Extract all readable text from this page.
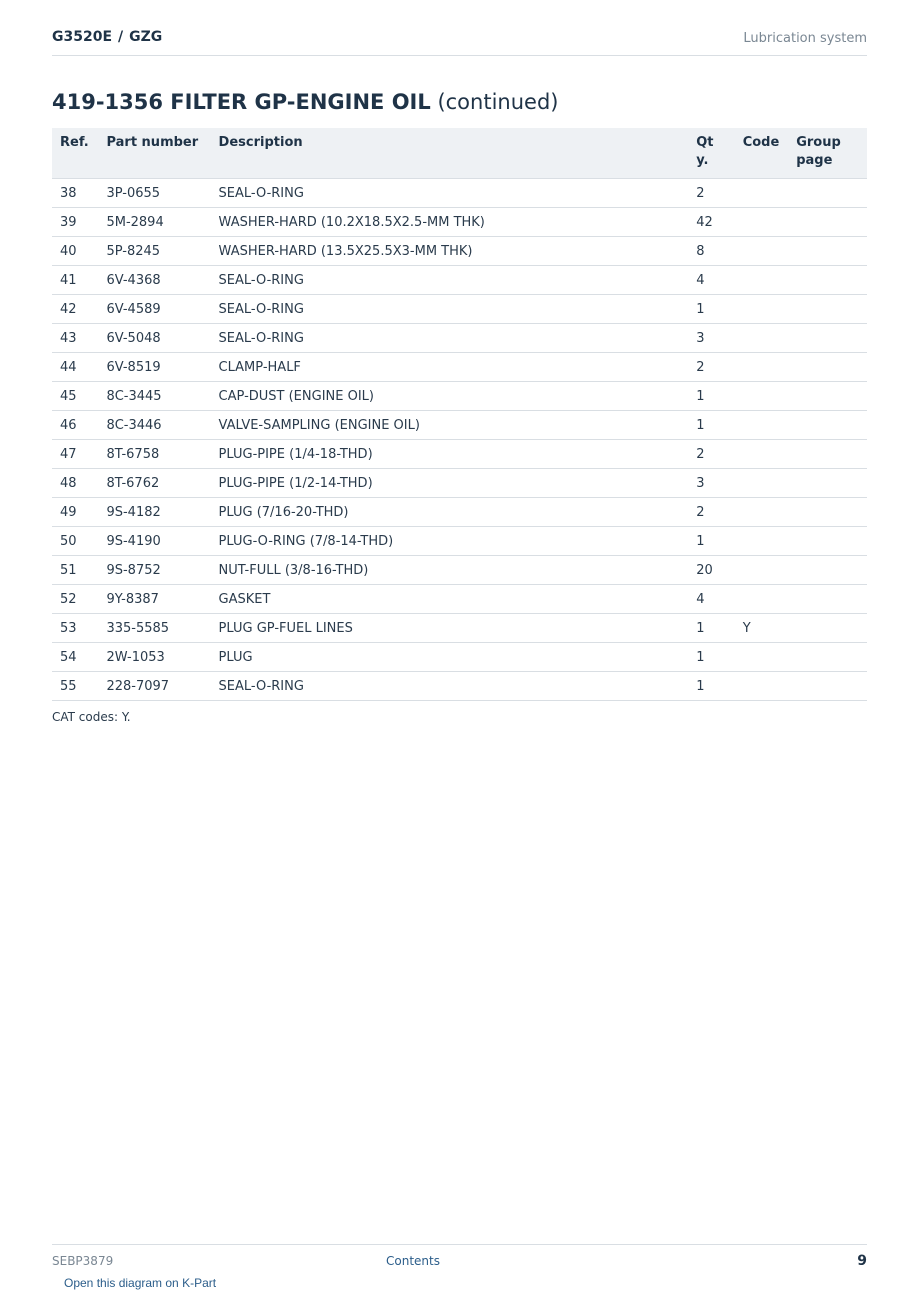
G3520E / GZG	Lubrication system
419-1356 FILTER GP-ENGINE OIL (continued)
Ref.	Part number	Description	Qty.	Code	Group page
38	3P-0655	SEAL-O-RING	2		
39	5M-2894	WASHER-HARD (10.2X18.5X2.5-MM THK)	42		
40	5P-8245	WASHER-HARD (13.5X25.5X3-MM THK)	8		
41	6V-4368	SEAL-O-RING	4		
42	6V-4589	SEAL-O-RING	1		
43	6V-5048	SEAL-O-RING	3		
44	6V-8519	CLAMP-HALF	2		
45	8C-3445	CAP-DUST (ENGINE OIL)	1		
46	8C-3446	VALVE-SAMPLING (ENGINE OIL)	1		
47	8T-6758	PLUG-PIPE (1/4-18-THD)	2		
48	8T-6762	PLUG-PIPE (1/2-14-THD)	3		
49	9S-4182	PLUG (7/16-20-THD)	2		
50	9S-4190	PLUG-O-RING (7/8-14-THD)	1		
51	9S-8752	NUT-FULL (3/8-16-THD)	20		
52	9Y-8387	GASKET	4		
53	335-5585	PLUG GP-FUEL LINES	1	Y	
54	2W-1053	PLUG	1		
55	228-7097	SEAL-O-RING	1		
CAT codes: Y.
SEBP3879	Contents	9
Open this diagram on K-Part
